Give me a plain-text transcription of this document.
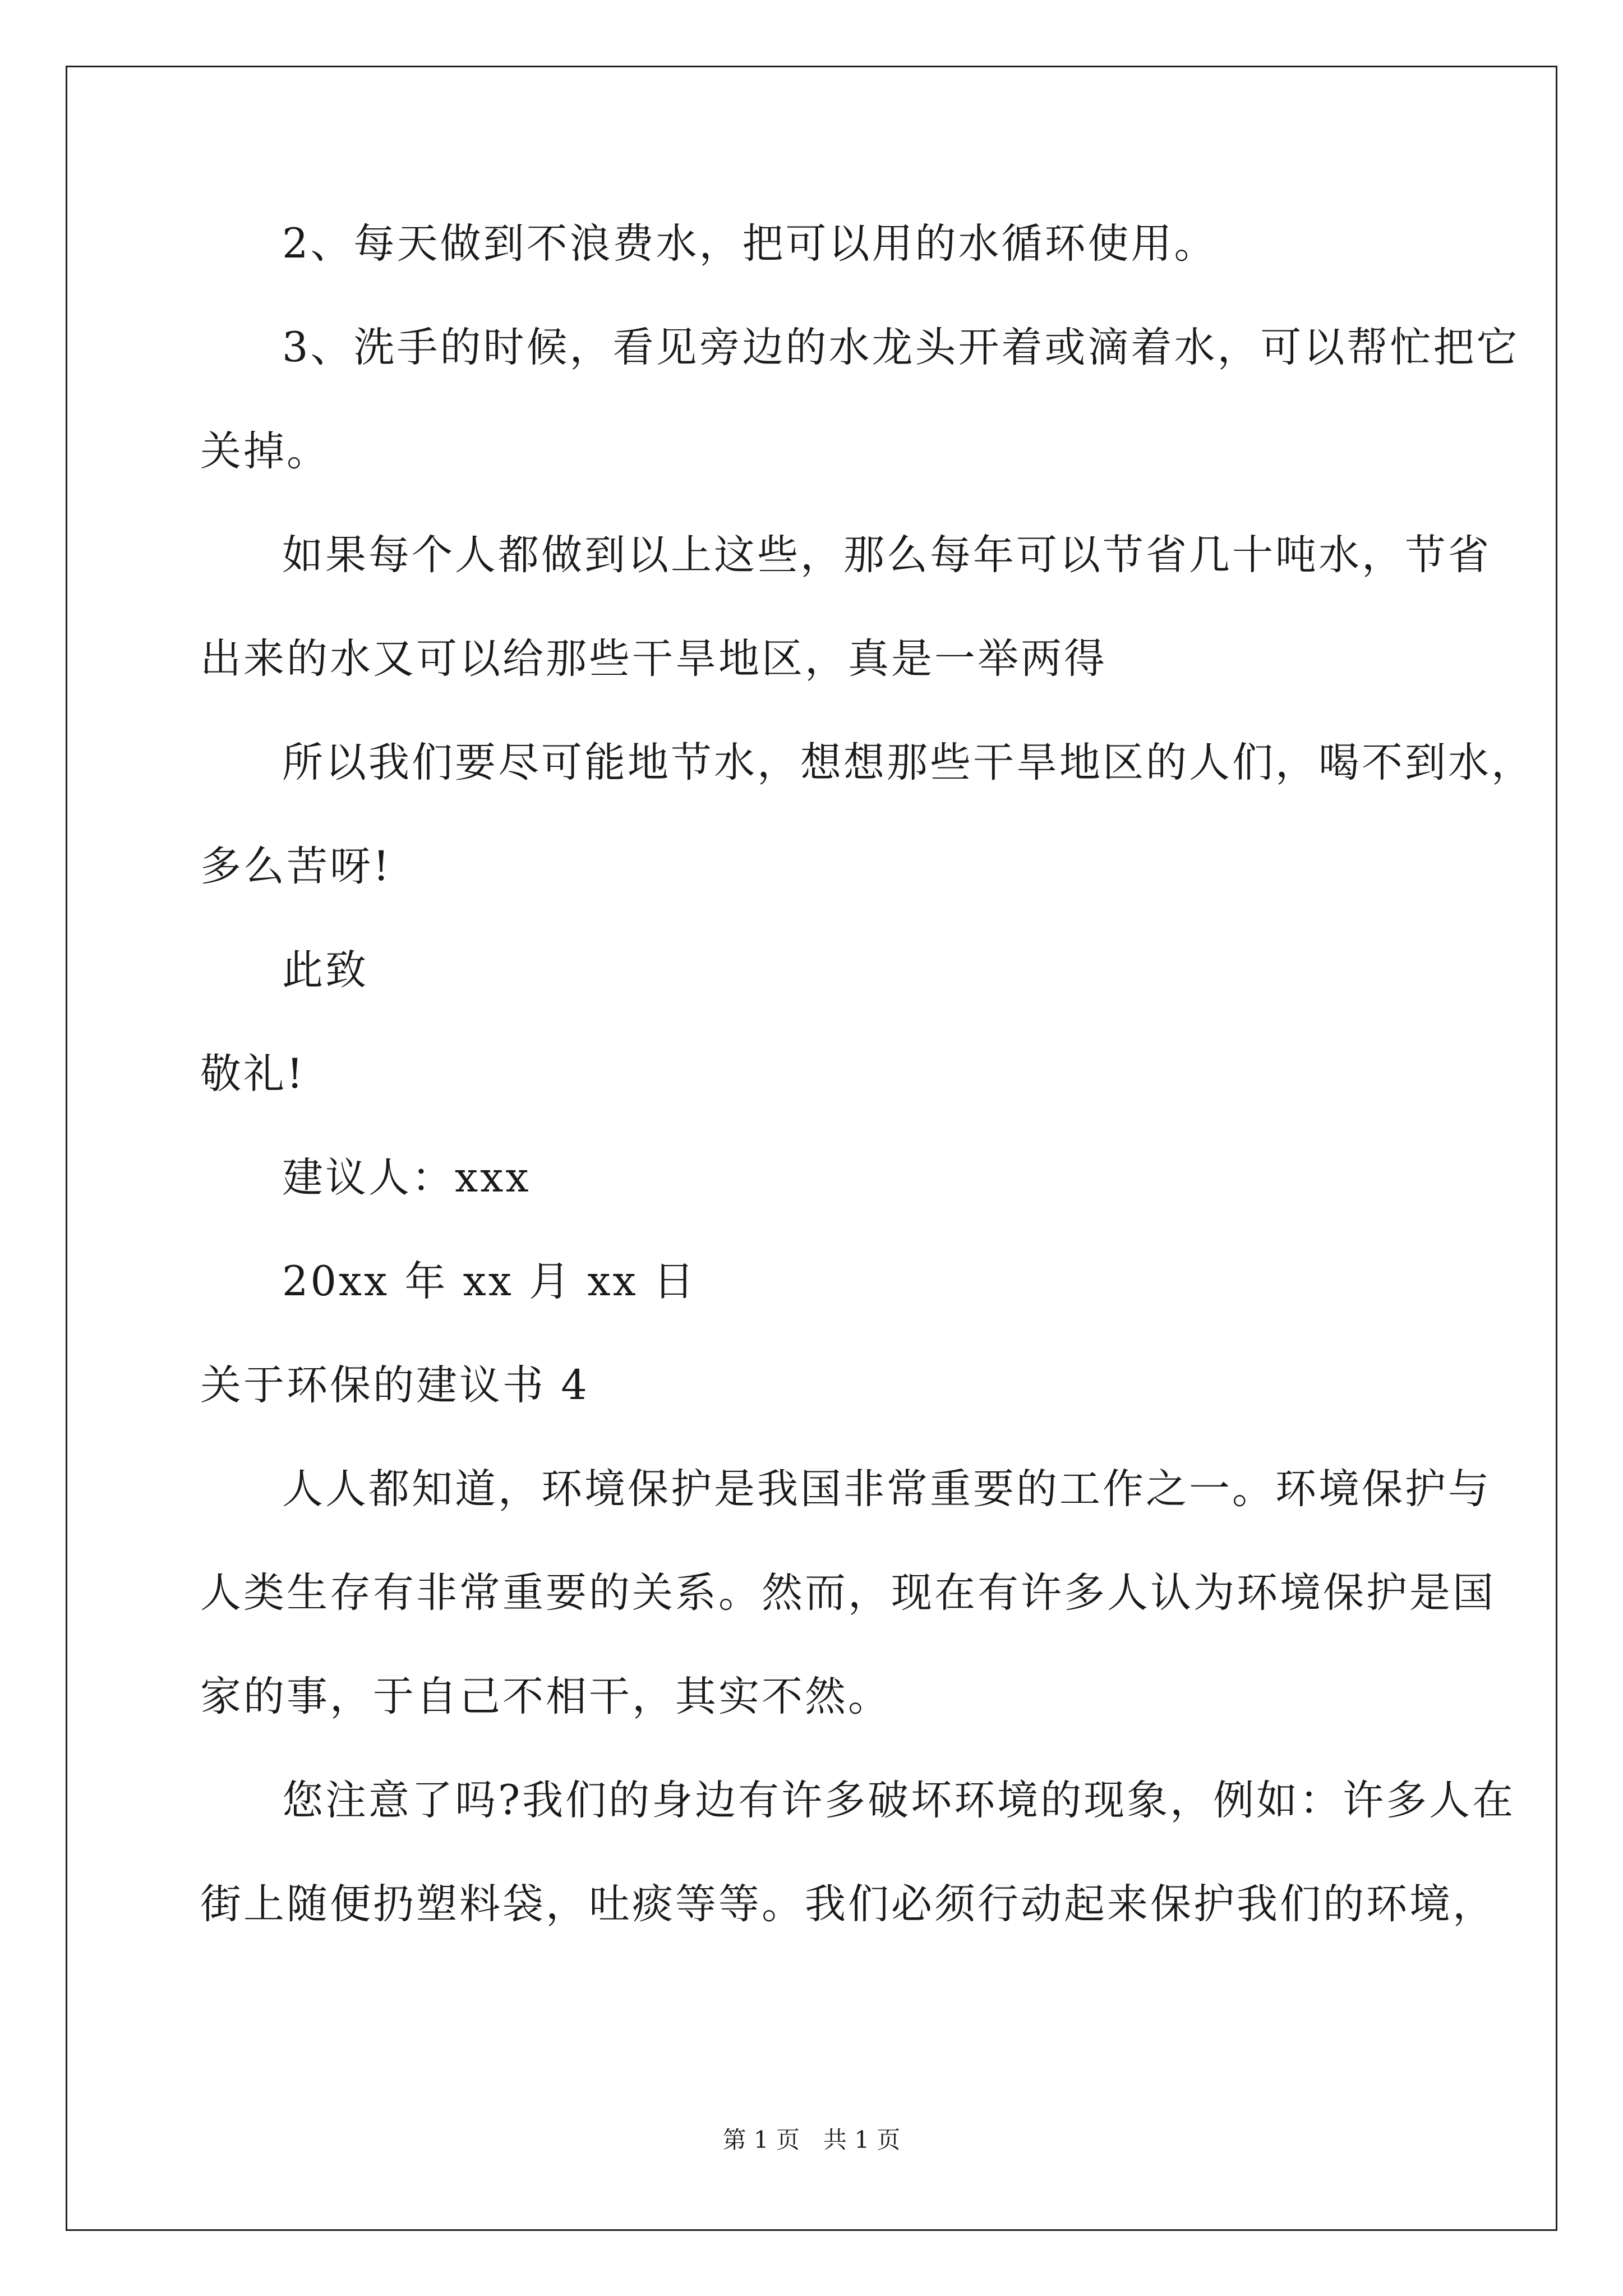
2、每天做到不浪费水，把可以用的水循环使用。
3、洗手的时候，看见旁边的水龙头开着或滴着水，可以帮忙把它
关掉。
如果每个人都做到以上这些，那么每年可以节省几十吨水，节省
出来的水又可以给那些干旱地区，真是一举两得
所以我们要尽可能地节水，想想那些干旱地区的人们，喝不到水，
多么苦呀!
此致
敬礼!
建议人：xxx
20xx 年 xx 月 xx 日
关于环保的建议书 4
人人都知道，环境保护是我国非常重要的工作之一。环境保护与
人类生存有非常重要的关系。然而，现在有许多人认为环境保护是国
家的事，于自己不相干，其实不然。
您注意了吗?我们的身边有许多破坏环境的现象，例如：许多人在
街上随便扔塑料袋，吐痰等等。我们必须行动起来保护我们的环境，
第 1 页　共 1 页
